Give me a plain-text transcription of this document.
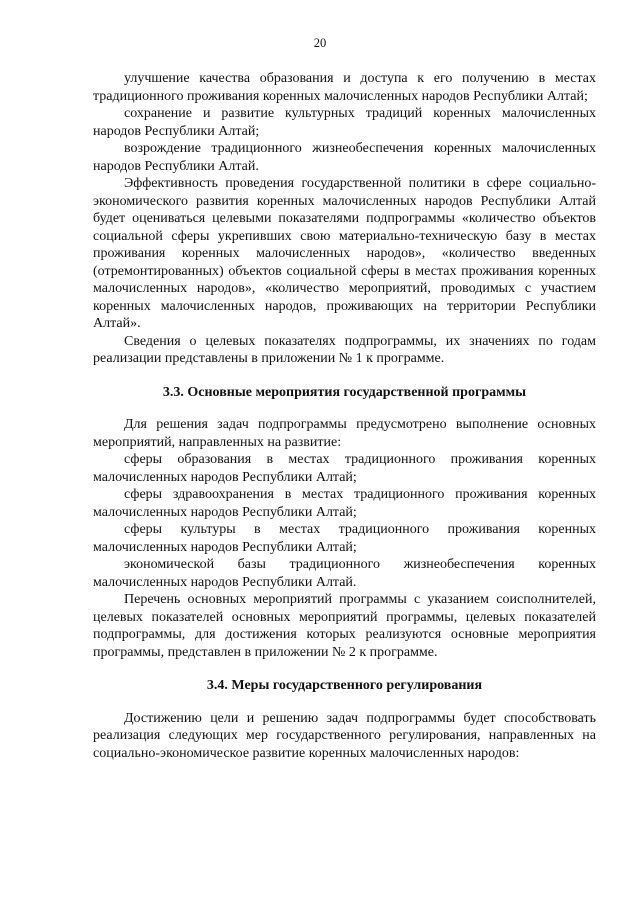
20

улучшение качества образования и доступа к его получению в местах традиционного проживания коренных малочисленных народов Республики Алтай;

сохранение и развитие культурных традиций коренных малочисленных народов Республики Алтай;

возрождение традиционного жизнеобеспечения коренных малочисленных народов Республики Алтай.

Эффективность проведения государственной политики в сфере социально-экономического развития коренных малочисленных народов Республики Алтай будет оцениваться целевыми показателями подпрограммы «количество объектов социальной сферы укрепивших свою материально-техническую базу в местах проживания коренных малочисленных народов», «количество введенных (отремонтированных) объектов социальной сферы в местах проживания коренных малочисленных народов», «количество мероприятий, проводимых с участием коренных малочисленных народов, проживающих на территории Республики Алтай».

Сведения о целевых показателях подпрограммы, их значениях по годам реализации представлены в приложении № 1 к программе.

3.3. Основные мероприятия государственной программы

Для решения задач подпрограммы предусмотрено выполнение основных мероприятий, направленных на развитие:

сферы образования в местах традиционного проживания коренных малочисленных народов Республики Алтай;

сферы здравоохранения в местах традиционного проживания коренных малочисленных народов Республики Алтай;

сферы культуры в местах традиционного проживания коренных малочисленных народов Республики Алтай;

экономической базы традиционного жизнеобеспечения коренных малочисленных народов Республики Алтай.

Перечень основных мероприятий программы с указанием соисполнителей, целевых показателей основных мероприятий программы, целевых показателей подпрограммы, для достижения которых реализуются основные мероприятия программы, представлен в приложении № 2 к программе.

3.4. Меры государственного регулирования

Достижению цели и решению задач подпрограммы будет способствовать реализация следующих мер государственного регулирования, направленных на социально-экономическое развитие коренных малочисленных народов:
